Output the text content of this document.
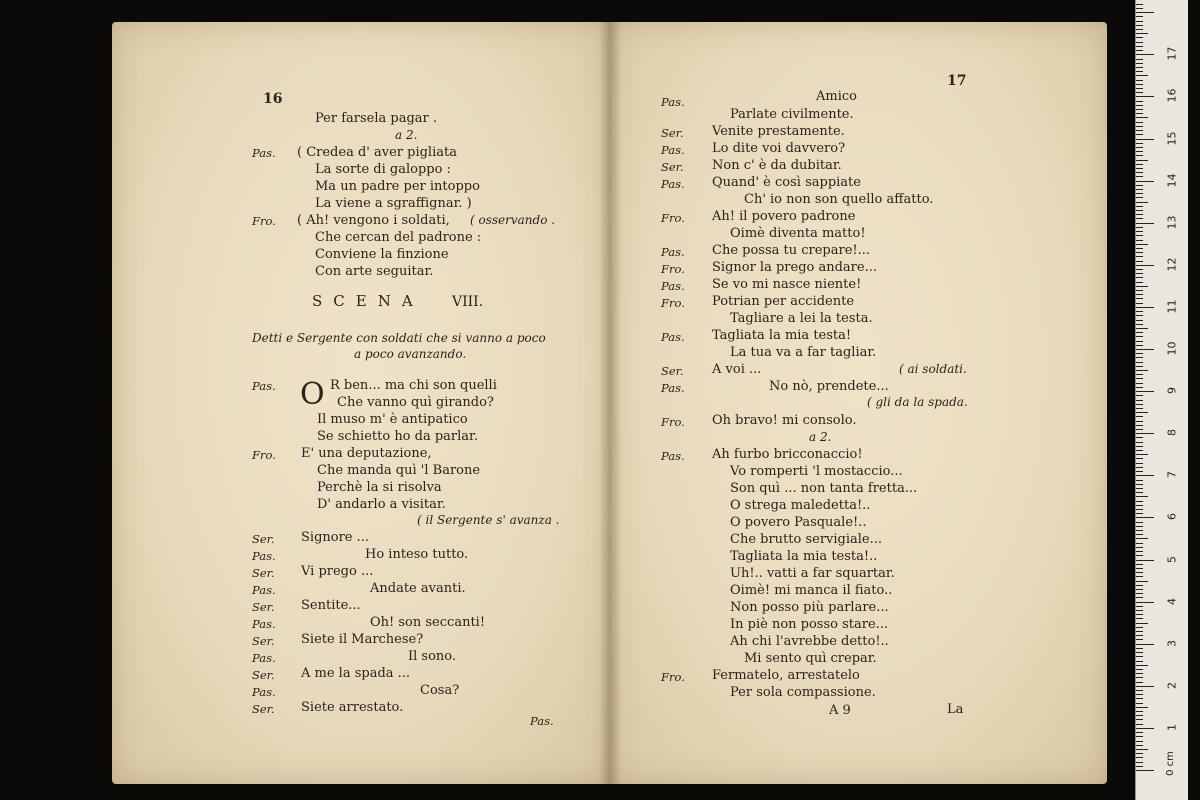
16
Per farsela pagar .
a 2.
Pas. ( Credea d' aver pigliata
La sorte di galoppo :
Ma un padre per intoppo
La viene a sgraffignar. )
Fro. ( Ah! vengono i soldati, ( osservando .
Che cercan del padrone :
Conviene la finzione
Con arte seguitar.
SCENA VIII.
Detti e Sergente con soldati che si vanno a poco
a poco avanzando.
Pas. O R ben... ma chi son quelli
Che vanno quì girando?
Il muso m' è antipatico
Se schietto ho da parlar.
Fro. E' una deputazione,
Che manda quì 'l Barone
Perchè la si risolva
D' andarlo a visitar.
( il Sergente s' avanza .
Ser. Signore ...
Pas.	Ho inteso tutto.
Ser. Vi prego ...
Pas.	Andate avanti.
Ser. Sentite...
Pas.	Oh! son seccanti!
Ser. Siete il Marchese?
Pas.	Il sono.
Ser. A me la spada ...
Pas.	Cosa?
Ser. Siete arrestato.
Pas.
17
Pas.	Amico
Parlate civilmente.
Ser. Venite prestamente.
Pas. Lo dite voi davvero?
Ser. Non c' è da dubitar.
Pas. Quand' è così sappiate
Ch' io non son quello affatto.
Fro. Ah! il povero padrone
Oimè diventa matto!
Pas. Che possa tu crepare!...
Fro. Signor la prego andare...
Pas. Se vo mi nasce niente!
Fro. Potrian per accidente
Tagliare a lei la testa.
Pas. Tagliata la mia testa!
La tua va a far tagliar.
Ser. A voi ...	( ai soldati.
Pas.	No nò, prendete...
( gli da la spada.
Fro. Oh bravo! mi consolo.
a 2.
Pas. Ah furbo bricconaccio!
Vo romperti 'l mostaccio...
Son quì ... non tanta fretta...
O strega maledetta!..
O povero Pasquale!..
Che brutto servigiale...
Tagliata la mia testa!..
Uh!.. vatti a far squartar.
Oimè! mi manca il fiato..
Non posso più parlare...
In piè non posso stare...
Ah chi l'avrebbe detto!..
Mi sento quì crepar.
Fro. Fermatelo, arrestatelo
Per sola compassione.
A 9	La
0 cm
1
2
3
4
5
6
7
8
9
10
11
12
13
14
15
16
17
